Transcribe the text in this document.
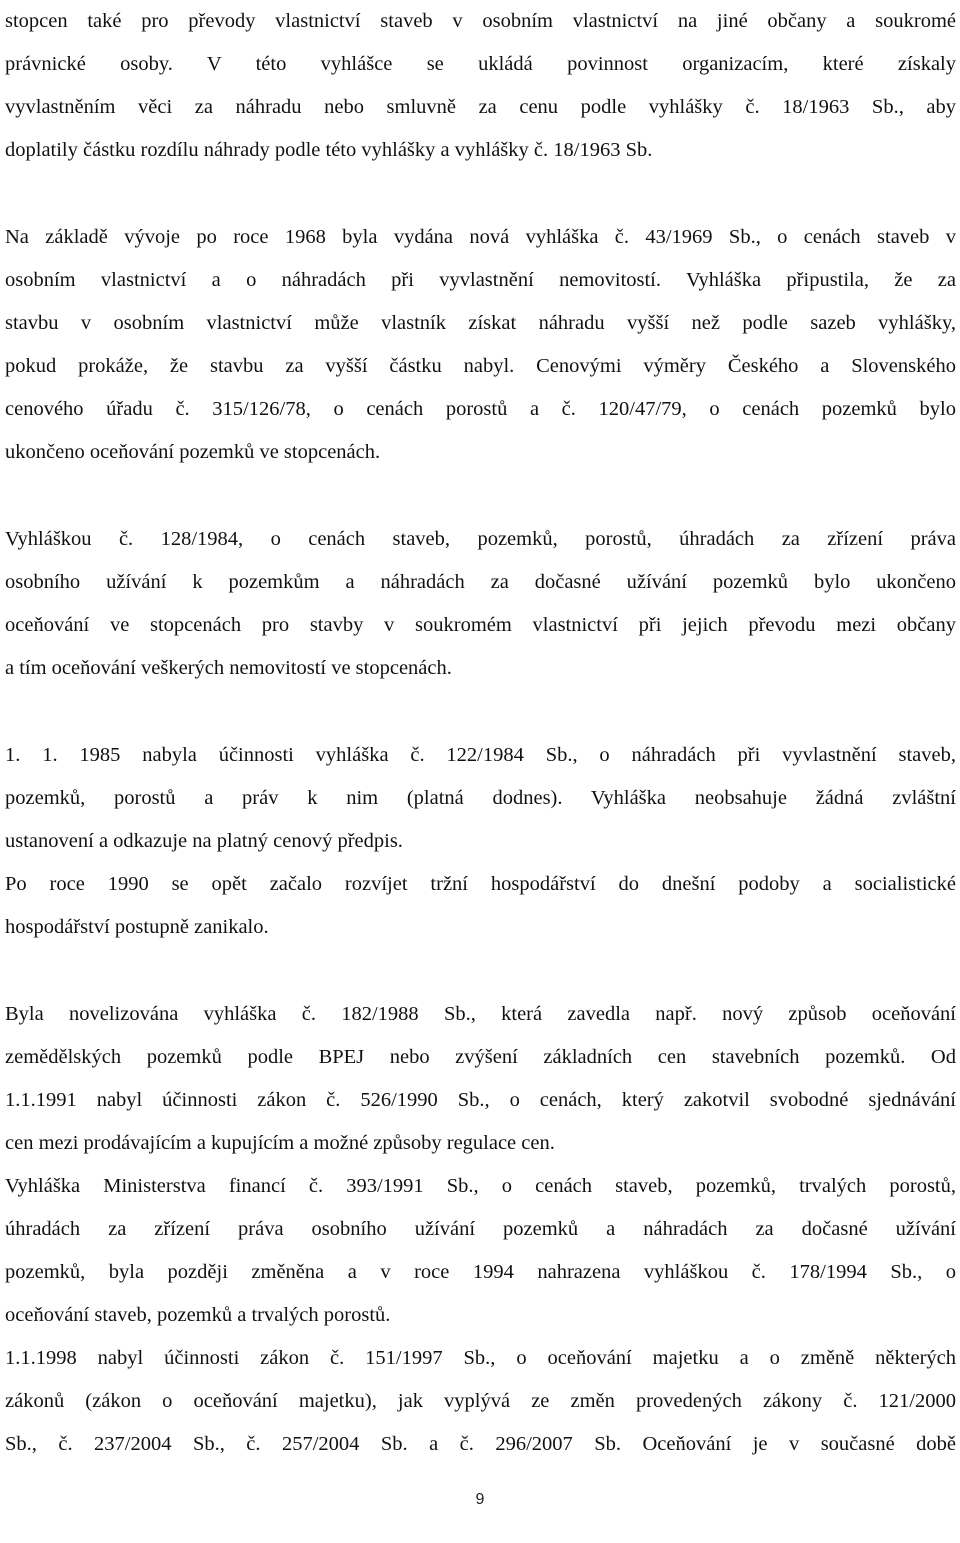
stopcen také pro převody vlastnictví staveb v osobním vlastnictví na jiné občany a soukromé
právnické osoby. V této vyhlášce se ukládá povinnost organizacím, které získaly
vyvlastněním věci za náhradu nebo smluvně za cenu podle vyhlášky č. 18/1963 Sb., aby
doplatily částku rozdílu náhrady podle této vyhlášky a vyhlášky č. 18/1963 Sb.
Na základě vývoje po roce 1968 byla vydána nová vyhláška č. 43/1969 Sb., o cenách staveb v
osobním vlastnictví a o náhradách při vyvlastnění nemovitostí. Vyhláška připustila, že za
stavbu v osobním vlastnictví může vlastník získat náhradu vyšší než podle sazeb vyhlášky,
pokud prokáže, že stavbu za vyšší částku nabyl. Cenovými výměry Českého a Slovenského
cenového úřadu č. 315/126/78, o cenách porostů a č. 120/47/79, o cenách pozemků bylo
ukončeno oceňování pozemků ve stopcenách.
Vyhláškou č. 128/1984, o cenách staveb, pozemků, porostů, úhradách za zřízení práva
osobního užívání k pozemkům a náhradách za dočasné užívání pozemků bylo ukončeno
oceňování ve stopcenách pro stavby v soukromém vlastnictví při jejich převodu mezi občany
a tím oceňování veškerých nemovitostí ve stopcenách.
1. 1. 1985 nabyla účinnosti vyhláška č. 122/1984 Sb., o náhradách při vyvlastnění staveb,
pozemků, porostů a práv k nim (platná dodnes). Vyhláška neobsahuje žádná zvláštní
ustanovení a odkazuje na platný cenový předpis.
Po roce 1990 se opět začalo rozvíjet tržní hospodářství do dnešní podoby a socialistické
hospodářství postupně zanikalo.
Byla novelizována vyhláška č. 182/1988 Sb., která zavedla např. nový způsob oceňování
zemědělských pozemků podle BPEJ nebo zvýšení základních cen stavebních pozemků. Od
1.1.1991 nabyl účinnosti zákon č. 526/1990 Sb., o cenách, který zakotvil svobodné sjednávání
cen mezi prodávajícím a kupujícím a možné způsoby regulace cen.
Vyhláška Ministerstva financí č. 393/1991 Sb., o cenách staveb, pozemků, trvalých porostů,
úhradách za zřízení práva osobního užívání pozemků a náhradách za dočasné užívání
pozemků, byla později změněna a v roce 1994 nahrazena vyhláškou č. 178/1994 Sb., o
oceňování staveb, pozemků a trvalých porostů.
1.1.1998 nabyl účinnosti zákon č. 151/1997 Sb., o oceňování majetku a o změně některých
zákonů (zákon o oceňování majetku), jak vyplývá ze změn provedených zákony č. 121/2000
Sb., č. 237/2004 Sb., č. 257/2004 Sb. a č. 296/2007 Sb. Oceňování je v současné době
9
